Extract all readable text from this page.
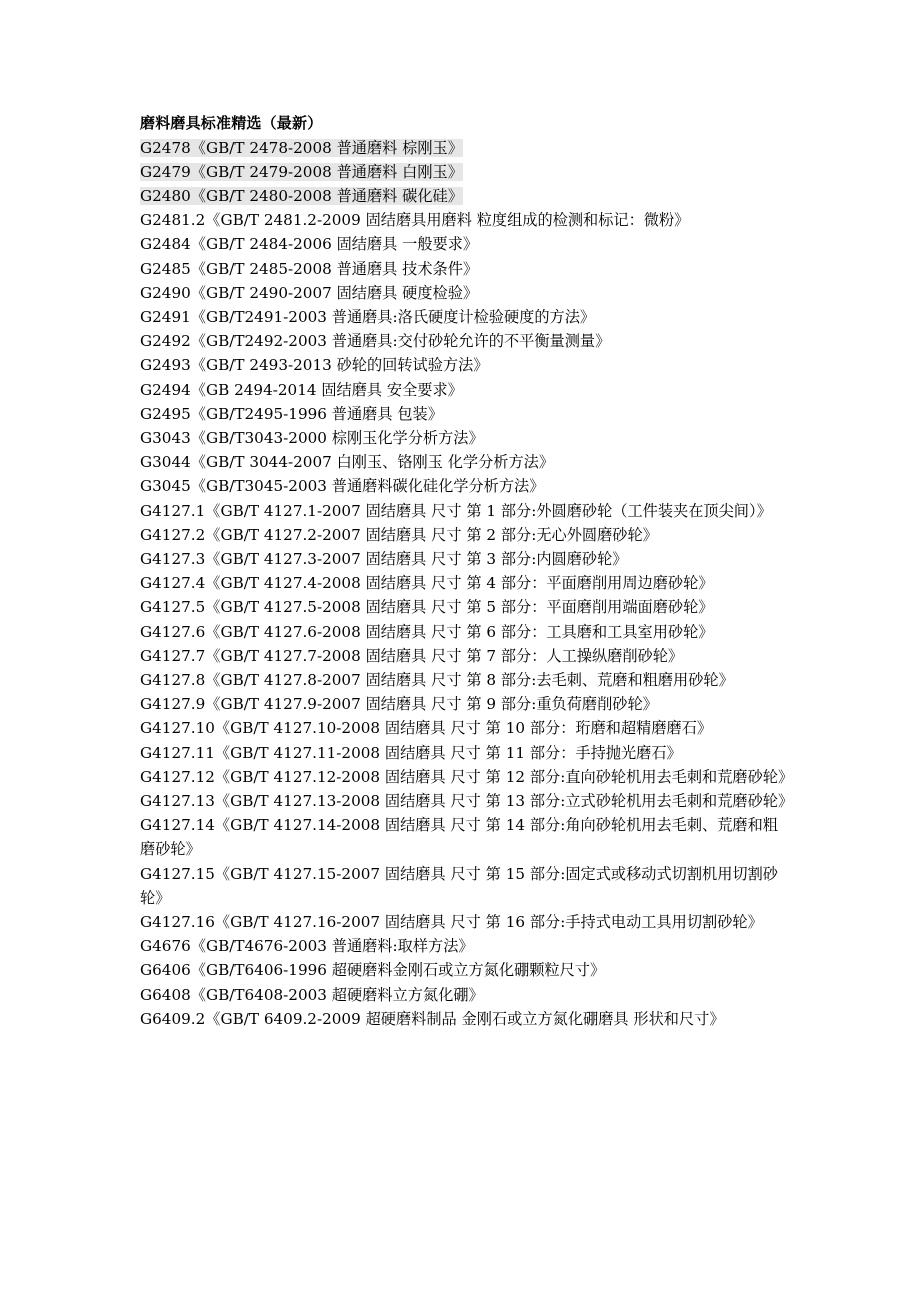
磨料磨具标准精选（最新）
G2478《GB/T 2478-2008 普通磨料 棕刚玉》
G2479《GB/T 2479-2008 普通磨料 白刚玉》
G2480《GB/T 2480-2008 普通磨料 碳化硅》
G2481.2《GB/T 2481.2-2009 固结磨具用磨料 粒度组成的检测和标记：微粉》
G2484《GB/T 2484-2006 固结磨具 一般要求》
G2485《GB/T 2485-2008 普通磨具 技术条件》
G2490《GB/T 2490-2007 固结磨具 硬度检验》
G2491《GB/T2491-2003 普通磨具:洛氏硬度计检验硬度的方法》
G2492《GB/T2492-2003 普通磨具:交付砂轮允许的不平衡量测量》
G2493《GB/T 2493-2013 砂轮的回转试验方法》
G2494《GB 2494-2014 固结磨具 安全要求》
G2495《GB/T2495-1996 普通磨具 包装》
G3043《GB/T3043-2000 棕刚玉化学分析方法》
G3044《GB/T 3044-2007 白刚玉、铬刚玉 化学分析方法》
G3045《GB/T3045-2003 普通磨料碳化硅化学分析方法》
G4127.1《GB/T 4127.1-2007 固结磨具 尺寸 第 1 部分:外圆磨砂轮（工件装夹在顶尖间）》
G4127.2《GB/T 4127.2-2007 固结磨具 尺寸 第 2 部分:无心外圆磨砂轮》
G4127.3《GB/T 4127.3-2007 固结磨具 尺寸 第 3 部分:内圆磨砂轮》
G4127.4《GB/T 4127.4-2008 固结磨具 尺寸 第 4 部分：平面磨削用周边磨砂轮》
G4127.5《GB/T 4127.5-2008 固结磨具 尺寸 第 5 部分：平面磨削用端面磨砂轮》
G4127.6《GB/T 4127.6-2008 固结磨具 尺寸 第 6 部分：工具磨和工具室用砂轮》
G4127.7《GB/T 4127.7-2008 固结磨具 尺寸 第 7 部分：人工操纵磨削砂轮》
G4127.8《GB/T 4127.8-2007 固结磨具 尺寸 第 8 部分:去毛刺、荒磨和粗磨用砂轮》
G4127.9《GB/T 4127.9-2007 固结磨具 尺寸 第 9 部分:重负荷磨削砂轮》
G4127.10《GB/T 4127.10-2008 固结磨具 尺寸 第 10 部分：珩磨和超精磨磨石》
G4127.11《GB/T 4127.11-2008 固结磨具 尺寸 第 11 部分：手持抛光磨石》
G4127.12《GB/T 4127.12-2008 固结磨具 尺寸 第 12 部分:直向砂轮机用去毛刺和荒磨砂轮》
G4127.13《GB/T 4127.13-2008 固结磨具 尺寸 第 13 部分:立式砂轮机用去毛刺和荒磨砂轮》
G4127.14《GB/T 4127.14-2008 固结磨具 尺寸 第 14 部分:角向砂轮机用去毛刺、荒磨和粗磨砂轮》
G4127.15《GB/T 4127.15-2007 固结磨具 尺寸 第 15 部分:固定式或移动式切割机用切割砂轮》
G4127.16《GB/T 4127.16-2007 固结磨具 尺寸 第 16 部分:手持式电动工具用切割砂轮》
G4676《GB/T4676-2003 普通磨料:取样方法》
G6406《GB/T6406-1996 超硬磨料金刚石或立方氮化硼颗粒尺寸》
G6408《GB/T6408-2003 超硬磨料立方氮化硼》
G6409.2《GB/T 6409.2-2009 超硬磨料制品 金刚石或立方氮化硼磨具 形状和尺寸》
